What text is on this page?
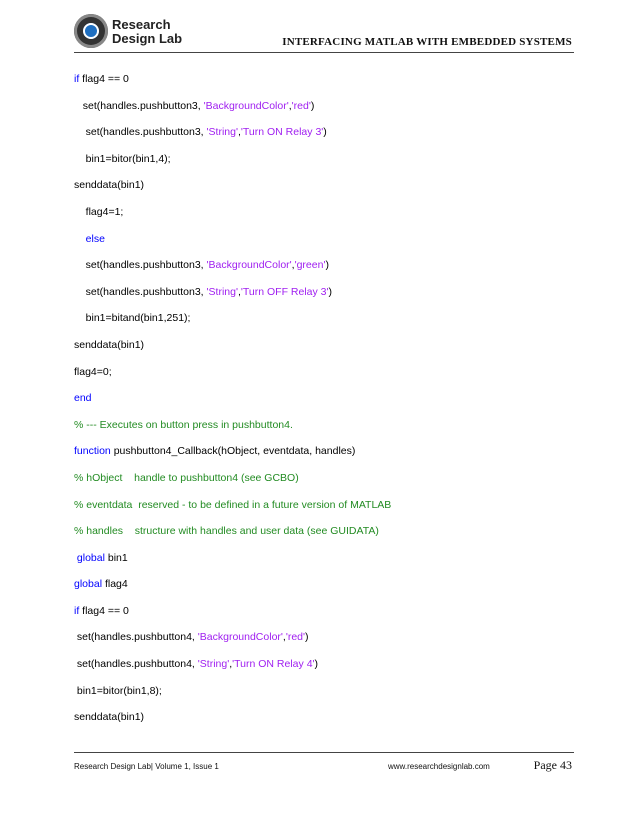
Research
Design Lab	INTERFACING MATLAB WITH EMBEDDED SYSTEMS
if flag4 == 0
set(handles.pushbutton3, 'BackgroundColor','red')
set(handles.pushbutton3, 'String','Turn ON Relay 3')
bin1=bitor(bin1,4);
senddata(bin1)
flag4=1;
else
set(handles.pushbutton3, 'BackgroundColor','green')
set(handles.pushbutton3, 'String','Turn OFF Relay 3')
bin1=bitand(bin1,251);
senddata(bin1)
flag4=0;
end
% --- Executes on button press in pushbutton4.
function pushbutton4_Callback(hObject, eventdata, handles)
% hObject    handle to pushbutton4 (see GCBO)
% eventdata  reserved - to be defined in a future version of MATLAB
% handles    structure with handles and user data (see GUIDATA)
global bin1
global flag4
if flag4 == 0
set(handles.pushbutton4, 'BackgroundColor','red')
set(handles.pushbutton4, 'String','Turn ON Relay 4')
bin1=bitor(bin1,8);
senddata(bin1)
Research Design Lab| Volume 1, Issue 1	www.researchdesignlab.com	Page 43
